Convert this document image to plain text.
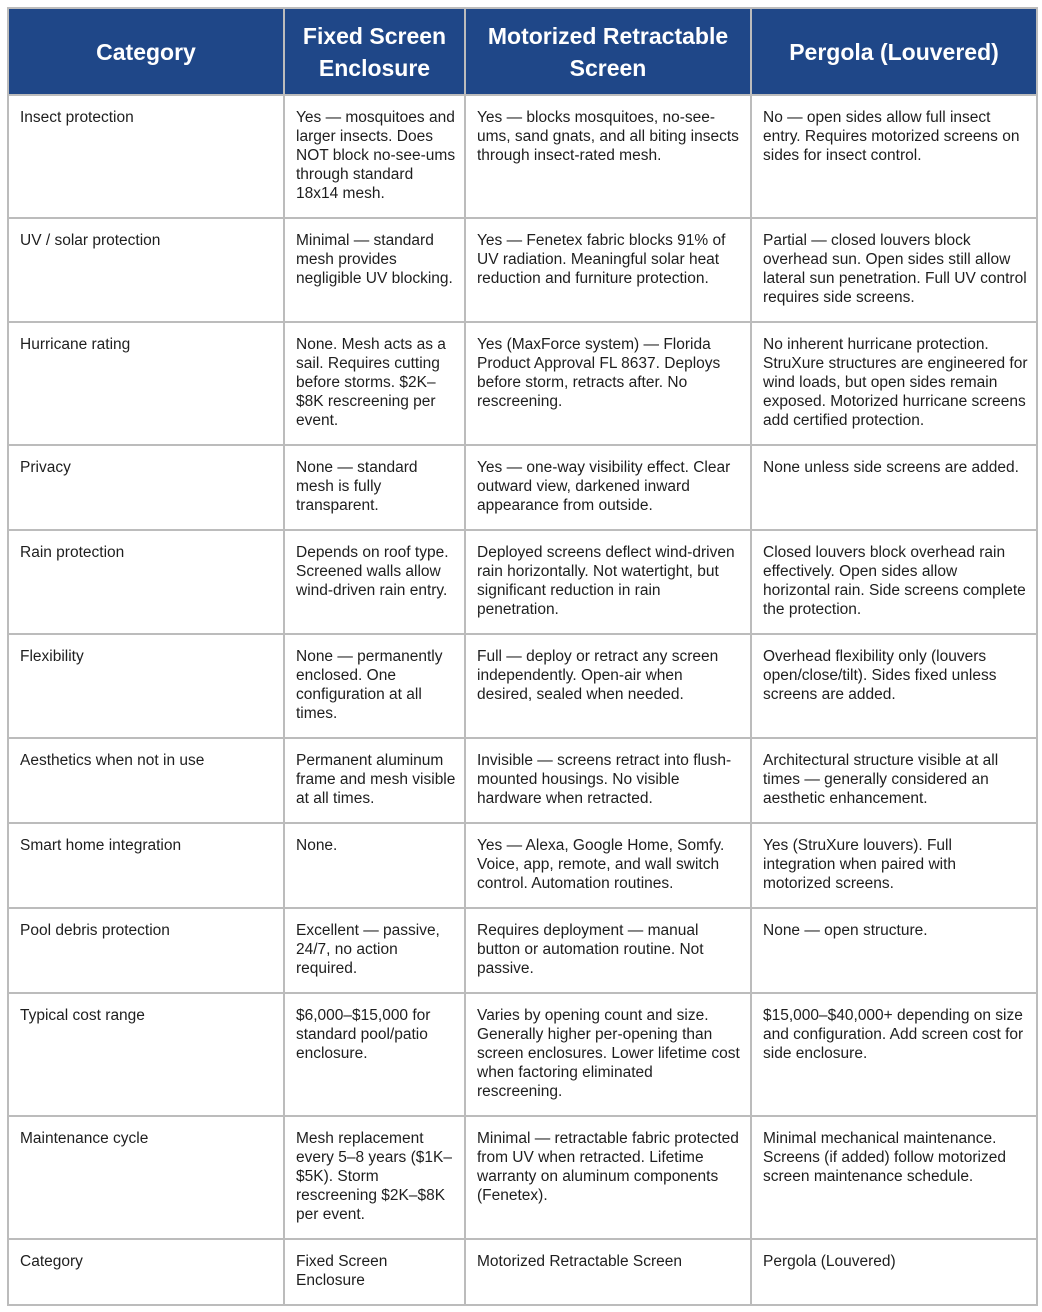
Category	Fixed Screen Enclosure	Motorized Retractable Screen	Pergola (Louvered)
Insect protection	Yes — mosquitoes and larger insects. Does NOT block no-see-ums through standard 18x14 mesh.	Yes — blocks mosquitoes, no-see-ums, sand gnats, and all biting insects through insect-rated mesh.	No — open sides allow full insect entry. Requires motorized screens on sides for insect control.
UV / solar protection	Minimal — standard mesh provides negligible UV blocking.	Yes — Fenetex fabric blocks 91% of UV radiation. Meaningful solar heat reduction and furniture protection.	Partial — closed louvers block overhead sun. Open sides still allow lateral sun penetration. Full UV control requires side screens.
Hurricane rating	None. Mesh acts as a sail. Requires cutting before storms. $2K–$8K rescreening per event.	Yes (MaxForce system) — Florida Product Approval FL 8637. Deploys before storm, retracts after. No rescreening.	No inherent hurricane protection. StruXure structures are engineered for wind loads, but open sides remain exposed. Motorized hurricane screens add certified protection.
Privacy	None — standard mesh is fully transparent.	Yes — one-way visibility effect. Clear outward view, darkened inward appearance from outside.	None unless side screens are added.
Rain protection	Depends on roof type. Screened walls allow wind-driven rain entry.	Deployed screens deflect wind-driven rain horizontally. Not watertight, but significant reduction in rain penetration.	Closed louvers block overhead rain effectively. Open sides allow horizontal rain. Side screens complete the protection.
Flexibility	None — permanently enclosed. One configuration at all times.	Full — deploy or retract any screen independently. Open-air when desired, sealed when needed.	Overhead flexibility only (louvers open/close/tilt). Sides fixed unless screens are added.
Aesthetics when not in use	Permanent aluminum frame and mesh visible at all times.	Invisible — screens retract into flush-mounted housings. No visible hardware when retracted.	Architectural structure visible at all times — generally considered an aesthetic enhancement.
Smart home integration	None.	Yes — Alexa, Google Home, Somfy. Voice, app, remote, and wall switch control. Automation routines.	Yes (StruXure louvers). Full integration when paired with motorized screens.
Pool debris protection	Excellent — passive, 24/7, no action required.	Requires deployment — manual button or automation routine. Not passive.	None — open structure.
Typical cost range	$6,000–$15,000 for standard pool/patio enclosure.	Varies by opening count and size. Generally higher per-opening than screen enclosures. Lower lifetime cost when factoring eliminated rescreening.	$15,000–$40,000+ depending on size and configuration. Add screen cost for side enclosure.
Maintenance cycle	Mesh replacement every 5–8 years ($1K–$5K). Storm rescreening $2K–$8K per event.	Minimal — retractable fabric protected from UV when retracted. Lifetime warranty on aluminum components (Fenetex).	Minimal mechanical maintenance. Screens (if added) follow motorized screen maintenance schedule.
Category	Fixed Screen Enclosure	Motorized Retractable Screen	Pergola (Louvered)
